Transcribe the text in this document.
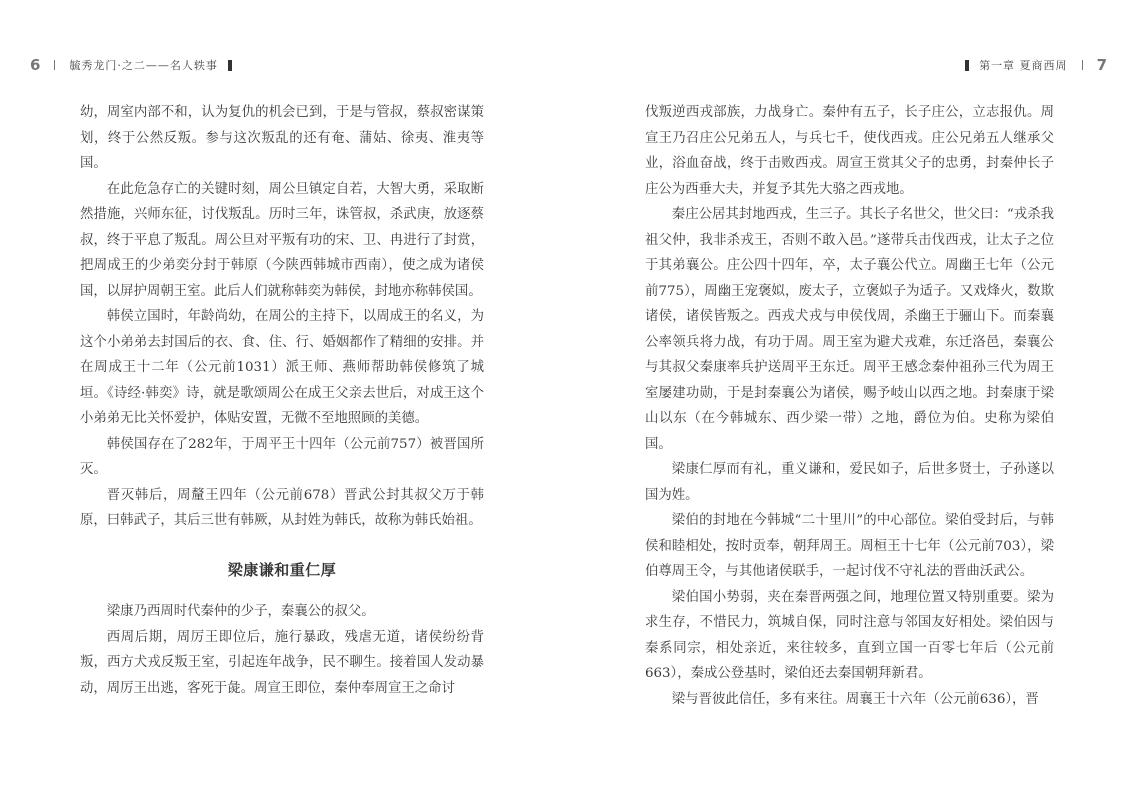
6	毓秀龙门·之二——名人轶事

幼，周室内部不和，认为复仇的机会已到，于是与管叔，蔡叔密谋策划，终于公然反叛。参与这次叛乱的还有奄、蒲姑、徐夷、淮夷等国。

在此危急存亡的关键时刻，周公旦镇定自若，大智大勇，采取断然措施，兴师东征，讨伐叛乱。历时三年，诛管叔，杀武庚，放逐蔡叔，终于平息了叛乱。周公旦对平叛有功的宋、卫、冉进行了封赏，把周成王的少弟奕分封于韩原（今陕西韩城市西南），使之成为诸侯国，以屏护周朝王室。此后人们就称韩奕为韩侯，封地亦称韩侯国。

韩侯立国时，年龄尚幼，在周公的主持下，以周成王的名义，为这个小弟弟去封国后的衣、食、住、行、婚姻都作了精细的安排。并在周成王十二年（公元前1031）派王师、燕师帮助韩侯修筑了城垣。《诗经·韩奕》诗，就是歌颂周公在成王父亲去世后，对成王这个小弟弟无比关怀爱护，体贴安置，无微不至地照顾的美德。

韩侯国存在了282年，于周平王十四年（公元前757）被晋国所灭。

晋灭韩后，周釐王四年（公元前678）晋武公封其叔父万于韩原，曰韩武子，其后三世有韩厥，从封姓为韩氏，故称为韩氏始祖。

梁康谦和重仁厚

梁康乃西周时代秦仲的少子，秦襄公的叔父。

西周后期，周厉王即位后，施行暴政，残虐无道，诸侯纷纷背叛，西方犬戎反叛王室，引起连年战争，民不聊生。接着国人发动暴动，周厉王出逃，客死于彘。周宣王即位，秦仲奉周宣王之命讨

第一章 夏商西周 7

伐叛逆西戎部族，力战身亡。秦仲有五子，长子庄公，立志报仇。周宣王乃召庄公兄弟五人，与兵七千，使伐西戎。庄公兄弟五人继承父业，浴血奋战，终于击败西戎。周宣王赏其父子的忠勇，封秦仲长子庄公为西垂大夫，并复予其先大骆之西戎地。

秦庄公居其封地西戎，生三子。其长子名世父，世父曰：“戎杀我祖父仲，我非杀戎王，否则不敢入邑。”遂带兵击伐西戎，让太子之位于其弟襄公。庄公四十四年，卒，太子襄公代立。周幽王七年（公元前775），周幽王宠褒姒，废太子，立褒姒子为适子。又戏烽火，数欺诸侯，诸侯皆叛之。西戎犬戎与申侯伐周，杀幽王于骊山下。而秦襄公率领兵将力战，有功于周。周王室为避犬戎难，东迁洛邑，秦襄公与其叔父秦康率兵护送周平王东迁。周平王感念秦仲祖孙三代为周王室屡建功勋，于是封秦襄公为诸侯，赐予岐山以西之地。封秦康于梁山以东（在今韩城东、西少梁一带）之地，爵位为伯。史称为梁伯国。

梁康仁厚而有礼，重义谦和，爱民如子，后世多贤士，子孙遂以国为姓。

梁伯的封地在今韩城“二十里川”的中心部位。梁伯受封后，与韩侯和睦相处，按时贡奉，朝拜周王。周桓王十七年（公元前703），梁伯尊周王令，与其他诸侯联手，一起讨伐不守礼法的晋曲沃武公。

梁伯国小势弱，夹在秦晋两强之间，地理位置又特别重要。梁为求生存，不惜民力，筑城自保，同时注意与邻国友好相处。梁伯因与秦系同宗，相处亲近，来往较多，直到立国一百零七年后（公元前663），秦成公登基时，梁伯还去秦国朝拜新君。

梁与晋彼此信任，多有来往。周襄王十六年（公元前636），晋
